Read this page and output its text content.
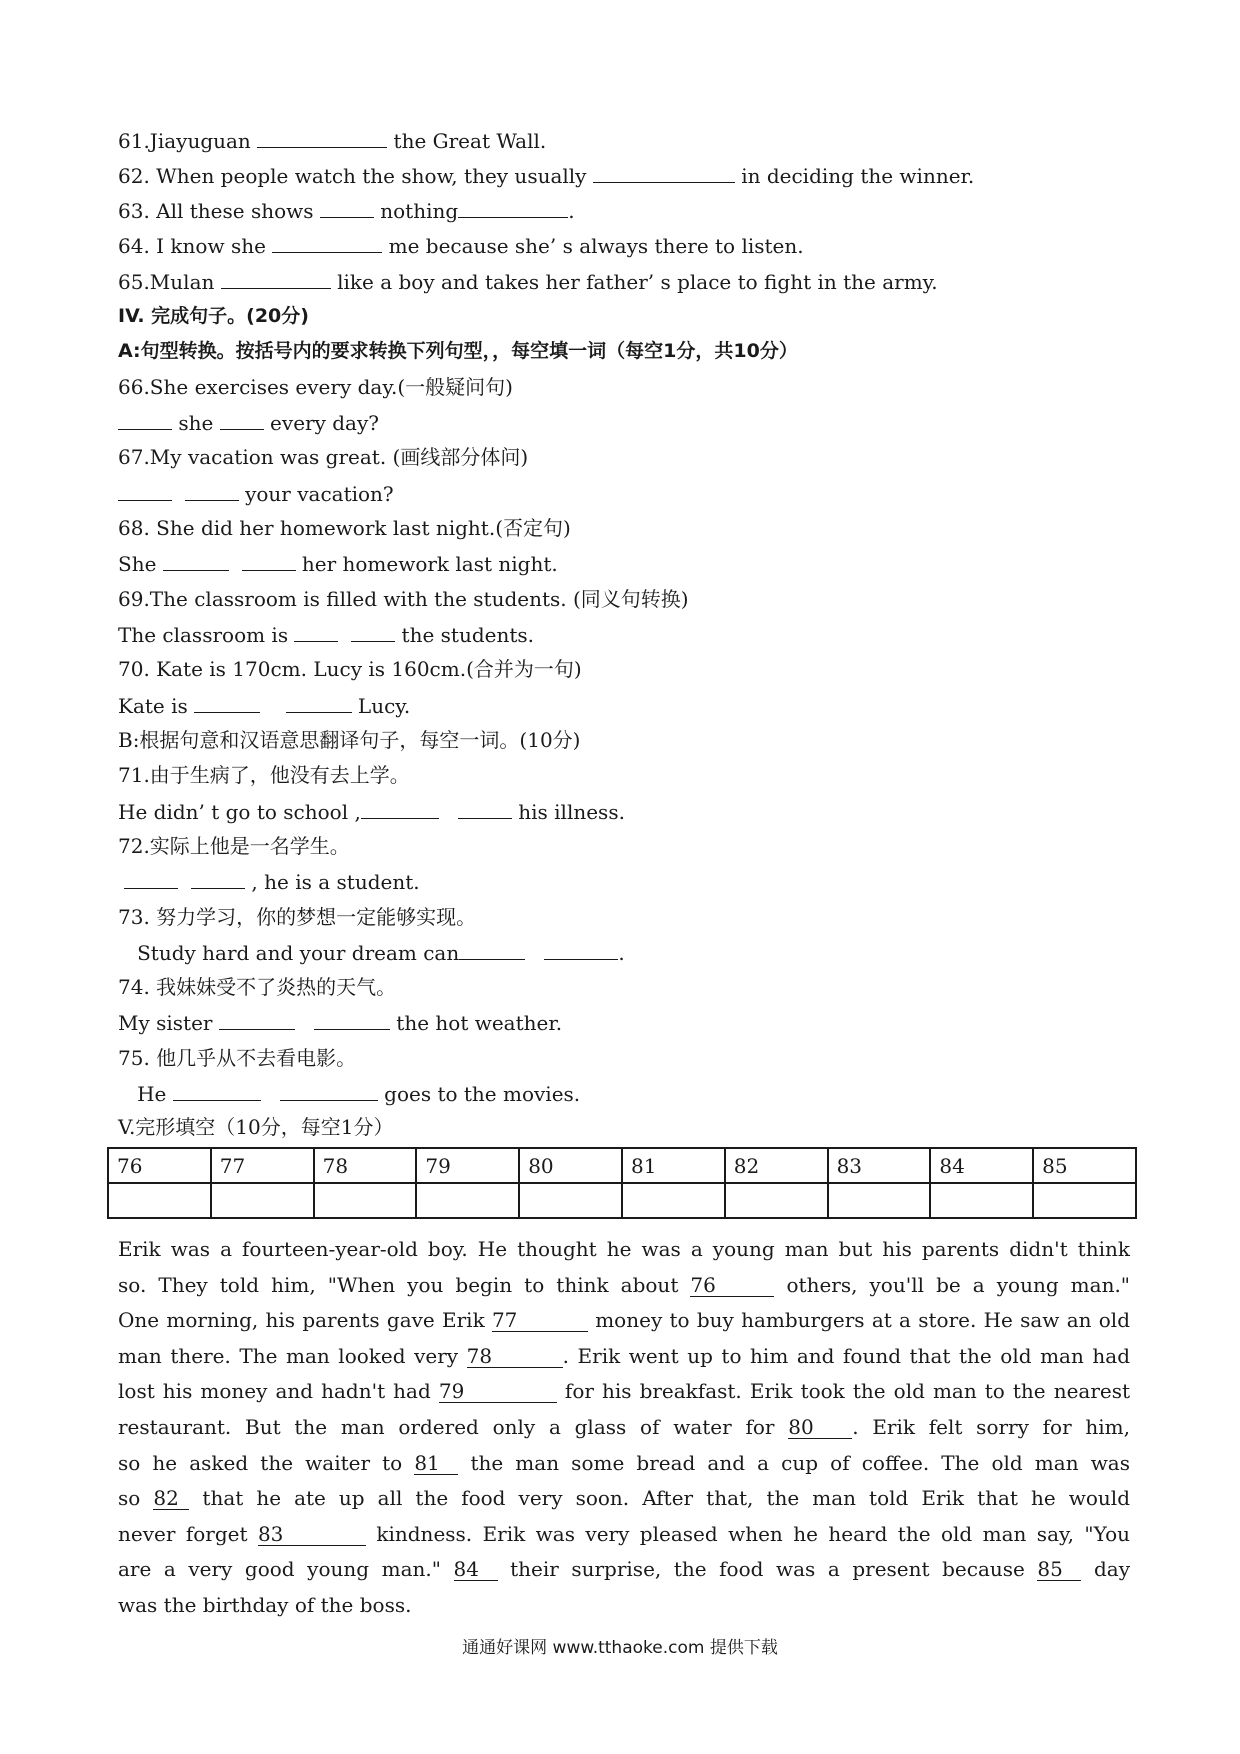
61.Jiayuguan	the Great Wall.
62. When people watch the show, they usually	in deciding the winner.
63. All these shows	nothing	.
64. I know she	me because she’ s always there to listen.
65.Mulan	like a boy and takes her father’ s place to fight in the army.
IV. 完成句子。(20分)
A:句型转换。按括号内的要求转换下列句型，，每空填一词（每空1分，共10分）
66.She exercises every day.(一般疑问句)
she  every day?
67.My vacation was great. (画线部分体问)
your vacation?
68. She did her homework last night.(否定句)
She	her homework last night.
69.The classroom is filled with the students. (同义句转换)
The classroom is	the students.
70. Kate is 170cm. Lucy is 160cm.(合并为一句)
Kate is	Lucy.
B:根据句意和汉语意思翻译句子，每空一词。(10分)
71.由于生病了，他没有去上学。
He didn’ t go to school ,	his illness.
72.实际上他是一名学生。
, he is a student.
73. 努力学习，你的梦想一定能够实现。
Study hard and your dream can	.
74. 我妹妹受不了炎热的天气。
My sister	the hot weather.
75. 他几乎从不去看电影。
He	goes to the movies.
V.完形填空（10分，每空1分）
76	77	78	79	80	81	82	83	84	85

Erik was a fourteen-year-old boy. He thought he was a young man but his parents didn't think
so. They told him, "When you begin to think about 76	others, you'll be a young man."
One morning, his parents gave Erik 77	money to buy hamburgers at a store. He saw an old
man there. The man looked very 78	. Erik went up to him and found that the old man had
lost his money and hadn't had 79	for his breakfast. Erik took the old man to the nearest
restaurant. But the man ordered only a glass of water for 80 . Erik felt sorry for him,
so he asked the waiter to 81 the man some bread and a cup of coffee. The old man was
so 82 that he ate up all the food very soon. After that, the man told Erik that he would
never forget 83	kindness. Erik was very pleased when he heard the old man say, "You
are a very good young man." 84 their surprise, the food was a present because 85 day
was the birthday of the boss.
通通好课网 www.tthaoke.com 提供下载
